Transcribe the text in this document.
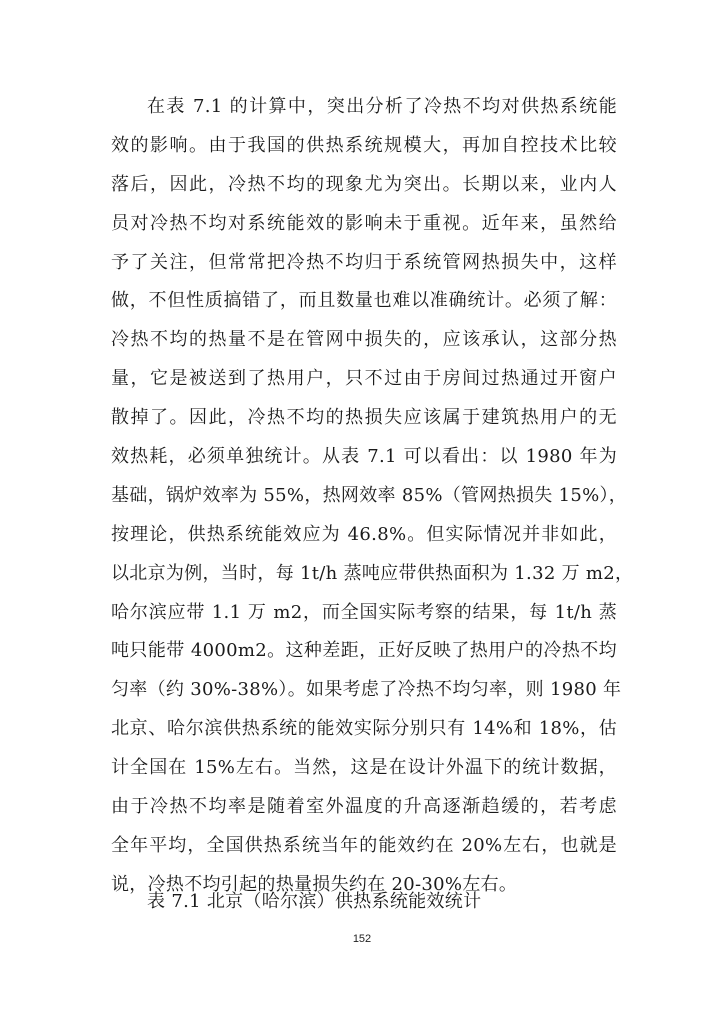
在表 7.1 的计算中，突出分析了冷热不均对供热系统能
效的影响。由于我国的供热系统规模大，再加自控技术比较
落后，因此，冷热不均的现象尤为突出。长期以来，业内人
员对冷热不均对系统能效的影响未于重视。近年来，虽然给
予了关注，但常常把冷热不均归于系统管网热损失中，这样
做，不但性质搞错了，而且数量也难以准确统计。必须了解：
冷热不均的热量不是在管网中损失的，应该承认，这部分热
量，它是被送到了热用户，只不过由于房间过热通过开窗户
散掉了。因此，冷热不均的热损失应该属于建筑热用户的无
效热耗，必须单独统计。从表 7.1 可以看出：以 1980 年为
基础，锅炉效率为 55%，热网效率 85%（管网热损失 15%），
按理论，供热系统能效应为 46.8%。但实际情况并非如此，
以北京为例，当时，每 1t/h 蒸吨应带供热面积为 1.32 万 m2，
哈尔滨应带 1.1 万 m2，而全国实际考察的结果，每 1t/h 蒸
吨只能带 4000m2。这种差距，正好反映了热用户的冷热不均
匀率（约 30%-38%）。如果考虑了冷热不均匀率，则 1980 年
北京、哈尔滨供热系统的能效实际分别只有 14%和 18%，估
计全国在 15%左右。当然，这是在设计外温下的统计数据，
由于冷热不均率是随着室外温度的升高逐渐趋缓的，若考虑
全年平均，全国供热系统当年的能效约在 20%左右，也就是
说，冷热不均引起的热量损失约在 20-30%左右。
表 7.1 北京（哈尔滨）供热系统能效统计
152
